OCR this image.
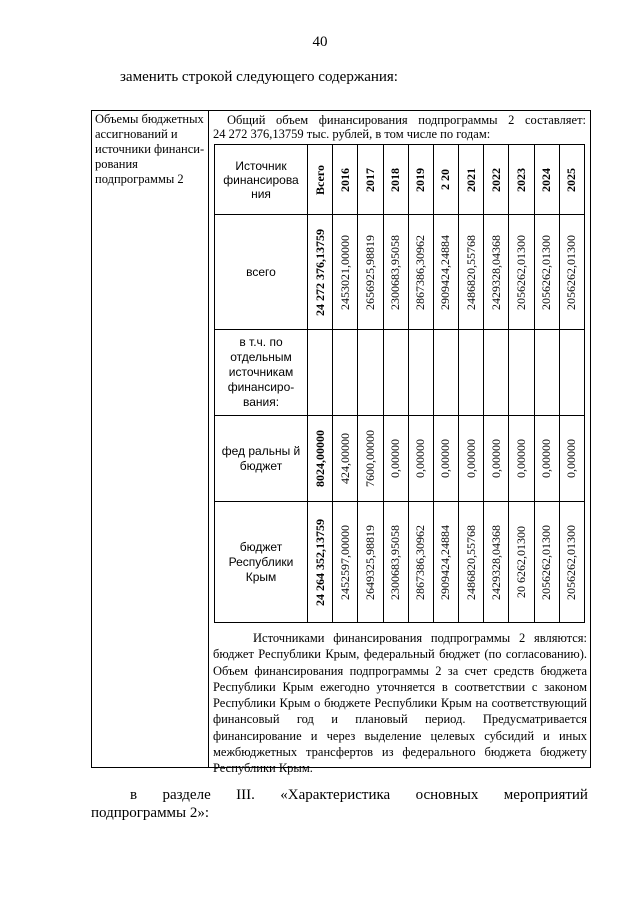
40
заменить строкой следующего содержания:
Объемы бюджетных ассигнований и источники финанси-рования подпрограммы 2
Общий объем финансирования подпрограммы 2 составляет:
24 272 376,13759 тыс. рублей, в том числе по годам:
Источник финансирова ния	Всего	2016	2017	2018	2019	2 20	2021	2022	2023	2024	2025

всего	24 272 376,13759	2453021,00000	2656925,98819	2300683,95058	2867386,30962	2909424,24884	2486820,55768	2429328,04368	2056262,01300	2056262,01300	2056262,01300

в т.ч. по отдельным источникам финансиро-вания:	

фед ральны й бюджет	8024,00000	424,00000	7600,00000	0,00000	0,00000	0,00000	0,00000	0,00000	0,00000	0,00000	0,00000

бюджет Республики Крым	24 264 352,13759	2452597,00000	2649325,98819	2300683,95058	2867386,30962	2909424,24884	2486820,55768	2429328,04368	20 6262,01300	2056262,01300	2056262,01300
Источниками финансирования подпрограммы 2 являются: бюджет Республики Крым, федеральный бюджет (по согласованию). Объем финансирования подпрограммы 2 за счет средств бюджета Республики Крым ежегодно уточняется в соответствии с законом Республики Крым о бюджете Республики Крым на соответствующий финансовый год и плановый период. Предусматривается финансирование и через выделение целевых субсидий и иных межбюджетных трансфертов из федерального бюджета бюджету Республики Крым.
в разделе III. «Характеристика основных мероприятий
подпрограммы 2»:
